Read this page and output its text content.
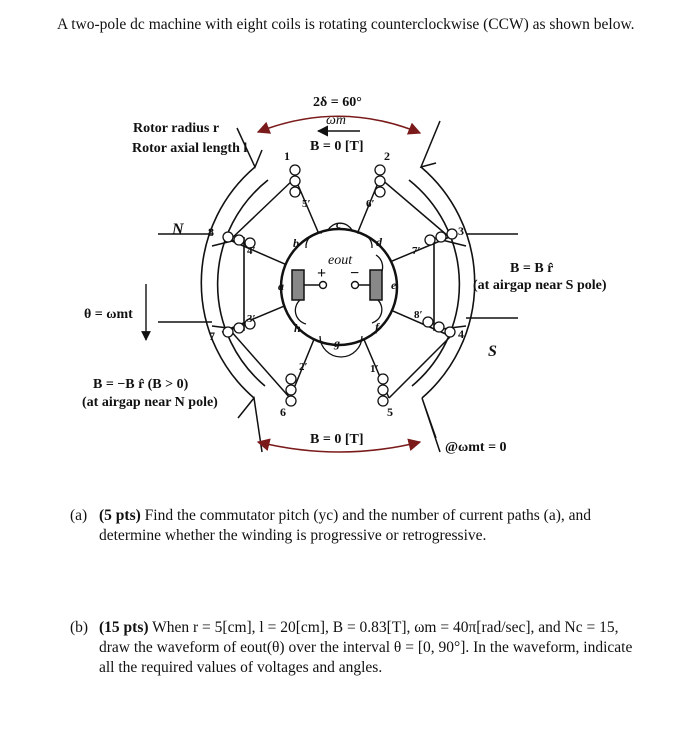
A two-pole dc machine with eight coils is rotating counterclockwise (CCW) as shown below.
2δ = 60°
ωm
B = 0 [T]
Rotor radius r
Rotor axial length l
N
S
θ = ωmt
B = B r̂
(at airgap near S pole)
B = −B r̂ (B > 0)
(at airgap near N pole)
B = 0 [T]
@ωmt = 0
eout
+ −
1	2
3
4
5
6
7
8
1′
2′
3′
4′
5′	6′
7′
8′
a
b
c
d
e
f
g
h
(a) (5 pts) Find the commutator pitch (yc) and the number of current paths (a), and determine whether the winding is progressive or retrogressive.
(b) (15 pts) When r = 5[cm], l = 20[cm], B = 0.83[T], ωm = 40π[rad/sec], and Nc = 15, draw the waveform of eout(θ) over the interval θ = [0, 90°]. In the waveform, indicate all the required values of voltages and angles.
